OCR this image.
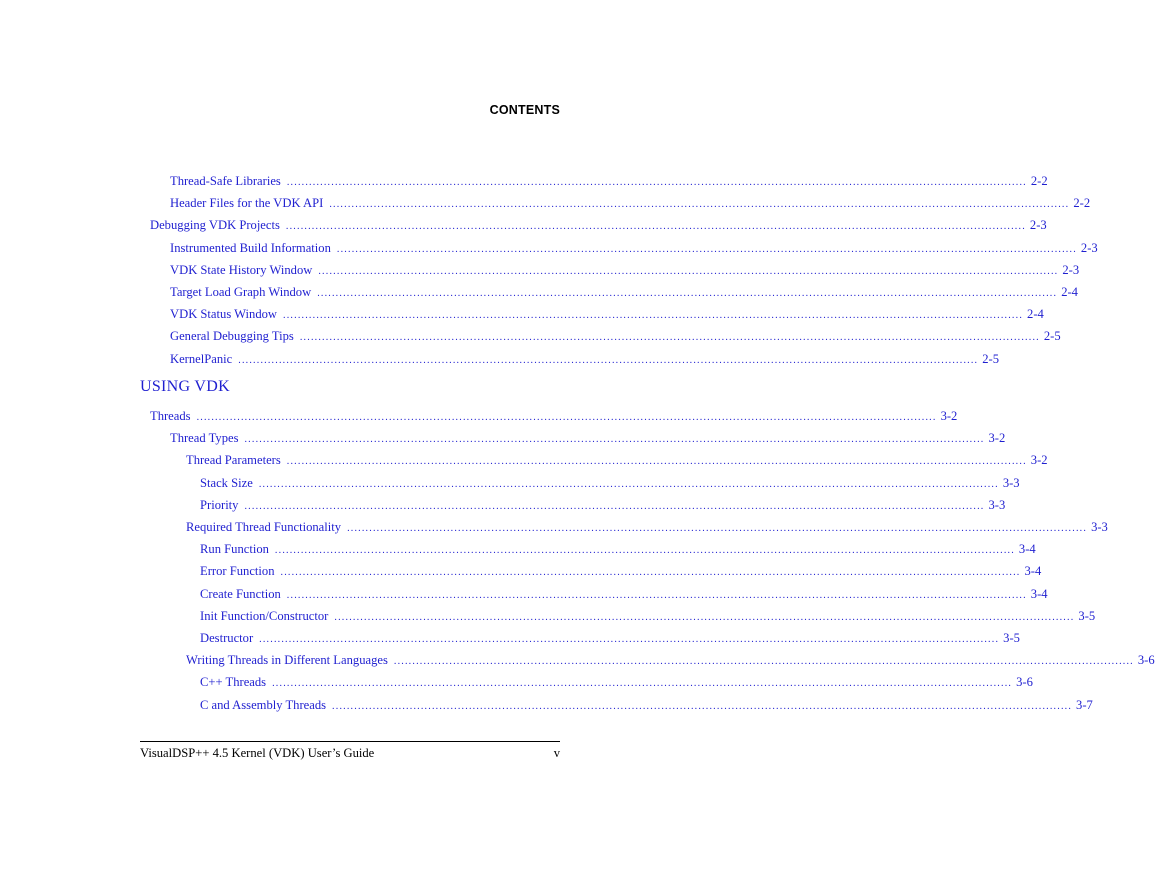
CONTENTS
Thread-Safe Libraries ........................................................................................................................................................................................................ 2-2
Header Files for the VDK API ........................................................................................................................................................................................................ 2-2
Debugging VDK Projects ........................................................................................................................................................................................................ 2-3
Instrumented Build Information ........................................................................................................................................................................................................ 2-3
VDK State History Window ........................................................................................................................................................................................................ 2-3
Target Load Graph Window ........................................................................................................................................................................................................ 2-4
VDK Status Window ........................................................................................................................................................................................................ 2-4
General Debugging Tips ........................................................................................................................................................................................................ 2-5
KernelPanic ........................................................................................................................................................................................................ 2-5
USING VDK
Threads ........................................................................................................................................................................................................ 3-2
Thread Types ........................................................................................................................................................................................................ 3-2
Thread Parameters ........................................................................................................................................................................................................ 3-2
Stack Size ........................................................................................................................................................................................................ 3-3
Priority ........................................................................................................................................................................................................ 3-3
Required Thread Functionality ........................................................................................................................................................................................................ 3-3
Run Function ........................................................................................................................................................................................................ 3-4
Error Function ........................................................................................................................................................................................................ 3-4
Create Function ........................................................................................................................................................................................................ 3-4
Init Function/Constructor ........................................................................................................................................................................................................ 3-5
Destructor ........................................................................................................................................................................................................ 3-5
Writing Threads in Different Languages ........................................................................................................................................................................................................ 3-6
C++ Threads ........................................................................................................................................................................................................ 3-6
C and Assembly Threads ........................................................................................................................................................................................................ 3-7
VisualDSP++ 4.5 Kernel (VDK) User’s Guide	v
